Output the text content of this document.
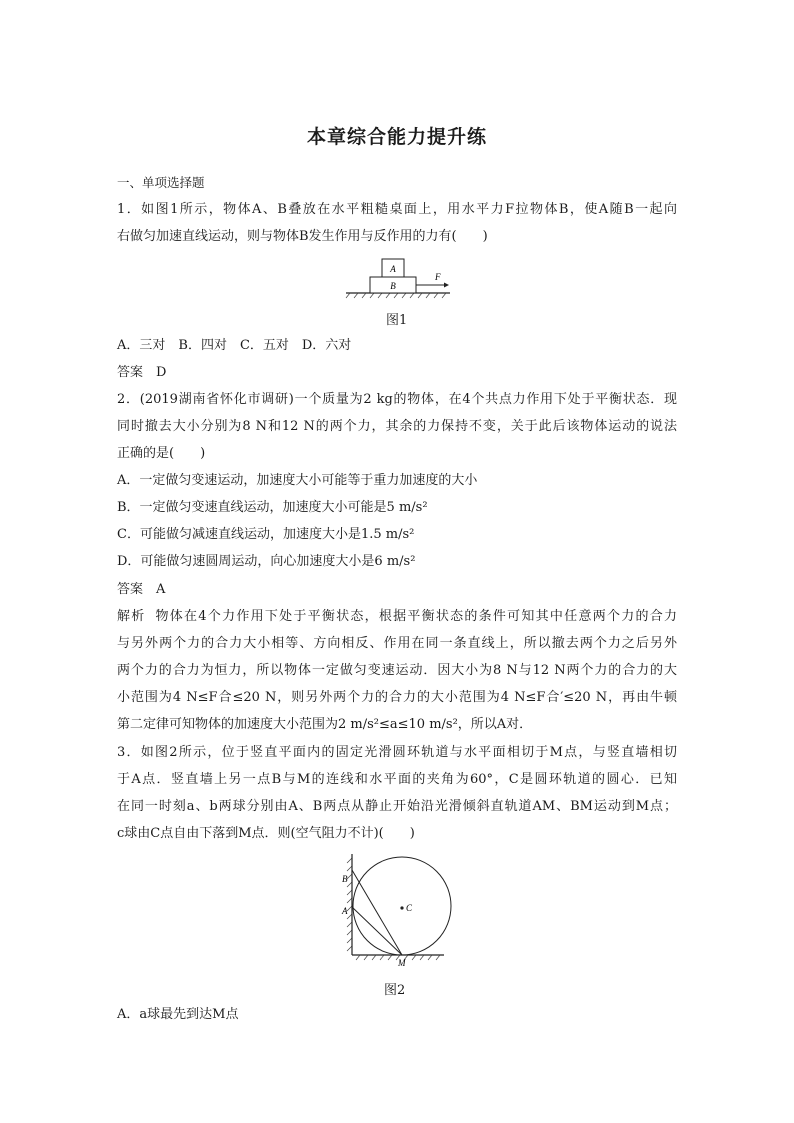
本章综合能力提升练
一、单项选择题
1．如图1所示，物体A、B叠放在水平粗糙桌面上，用水平力F拉物体B，使A随B一起向
右做匀加速直线运动，则与物体B发生作用与反作用的力有(　　)
A
B
F
图1
A．三对　B．四对　C．五对　D．六对
答案　 D
2．(2019湖南省怀化市调研)一个质量为2 kg的物体，在4个共点力作用下处于平衡状态．现
同时撤去大小分别为8 N和12 N的两个力，其余的力保持不变，关于此后该物体运动的说法
正确的是(　　)
A．一定做匀变速运动，加速度大小可能等于重力加速度的大小
B．一定做匀变速直线运动，加速度大小可能是5 m/s²
C．可能做匀减速直线运动，加速度大小是1.5 m/s²
D．可能做匀速圆周运动，向心加速度大小是6 m/s²
答案　 A
解析 物体在4个力作用下处于平衡状态，根据平衡状态的条件可知其中任意两个力的合力
与另外两个力的合力大小相等、方向相反、作用在同一条直线上，所以撤去两个力之后另外
两个力的合力为恒力，所以物体一定做匀变速运动．因大小为8 N与12 N两个力的合力的大
小范围为4 N≤F合≤20 N，则另外两个力的合力的大小范围为4 N≤F合′≤20 N，再由牛顿
第二定律可知物体的加速度大小范围为2 m/s²≤a≤10 m/s²，所以A对．
3．如图2所示，位于竖直平面内的固定光滑圆环轨道与水平面相切于M点，与竖直墙相切
于A点．竖直墙上另一点B与M的连线和水平面的夹角为60°，C是圆环轨道的圆心．已知
在同一时刻a、b两球分别由A、B两点从静止开始沿光滑倾斜直轨道AM、BM运动到M点；
c球由C点自由下落到M点．则(空气阻力不计)(　　)
B
A	C
M
图2
A．a球最先到达M点
